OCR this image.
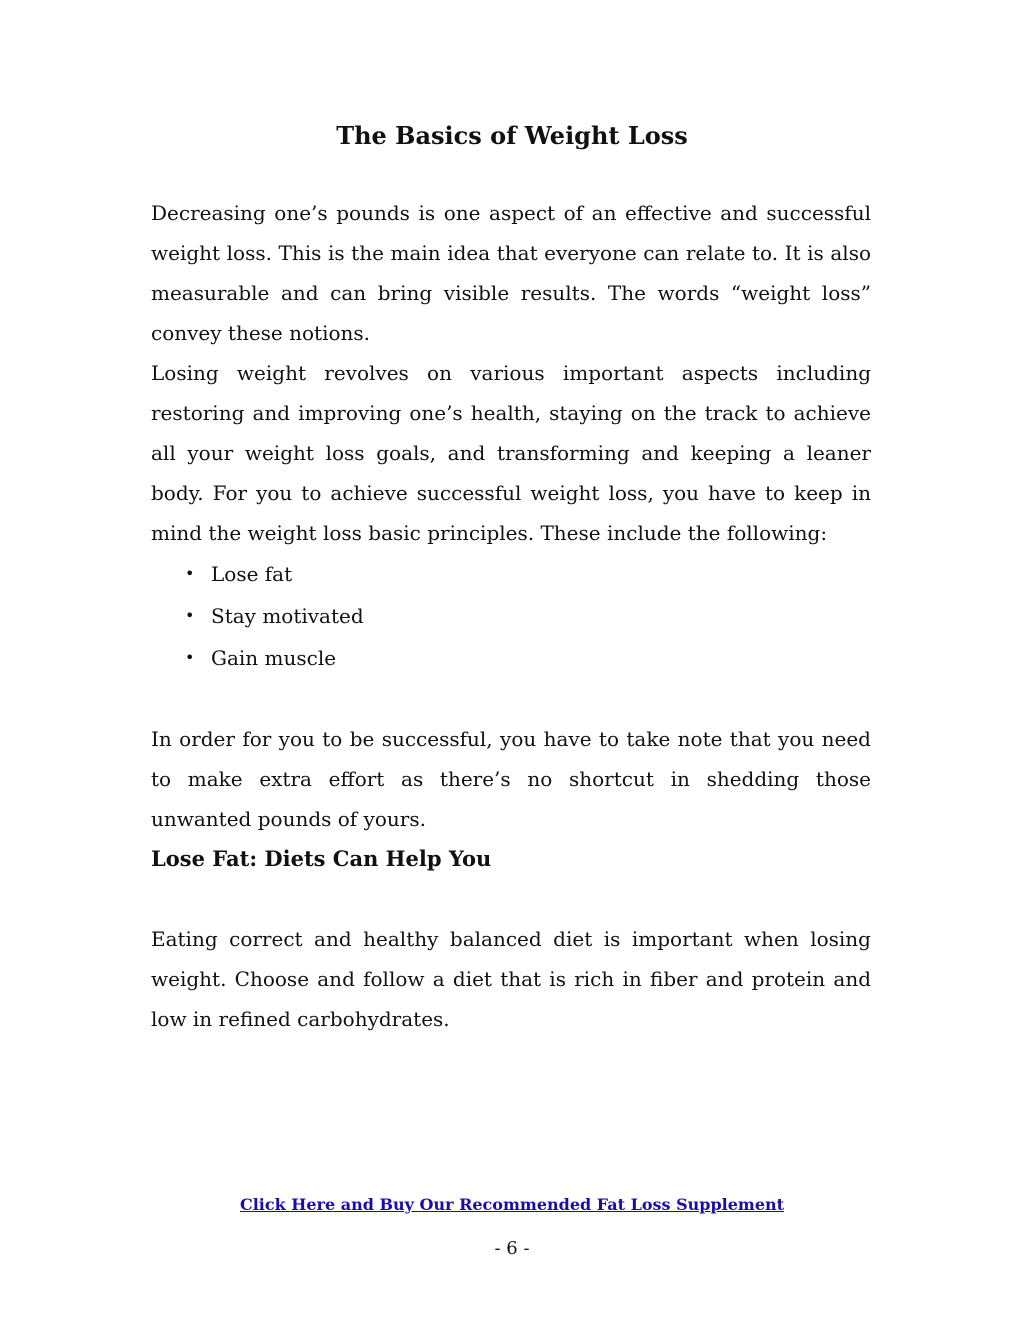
The Basics of Weight Loss

Decreasing one’s pounds is one aspect of an effective and successful weight loss. This is the main idea that everyone can relate to. It is also measurable and can bring visible results. The words “weight loss” convey these notions.

Losing weight revolves on various important aspects including restoring and improving one’s health, staying on the track to achieve all your weight loss goals, and transforming and keeping a leaner body. For you to achieve successful weight loss, you have to keep in mind the weight loss basic principles. These include the following:

• Lose fat
• Stay motivated
• Gain muscle

In order for you to be successful, you have to take note that you need to make extra effort as there’s no shortcut in shedding those unwanted pounds of yours.

Lose Fat: Diets Can Help You

Eating correct and healthy balanced diet is important when losing weight. Choose and follow a diet that is rich in fiber and protein and low in refined carbohydrates.

Click Here and Buy Our Recommended Fat Loss Supplement
- 6 -
